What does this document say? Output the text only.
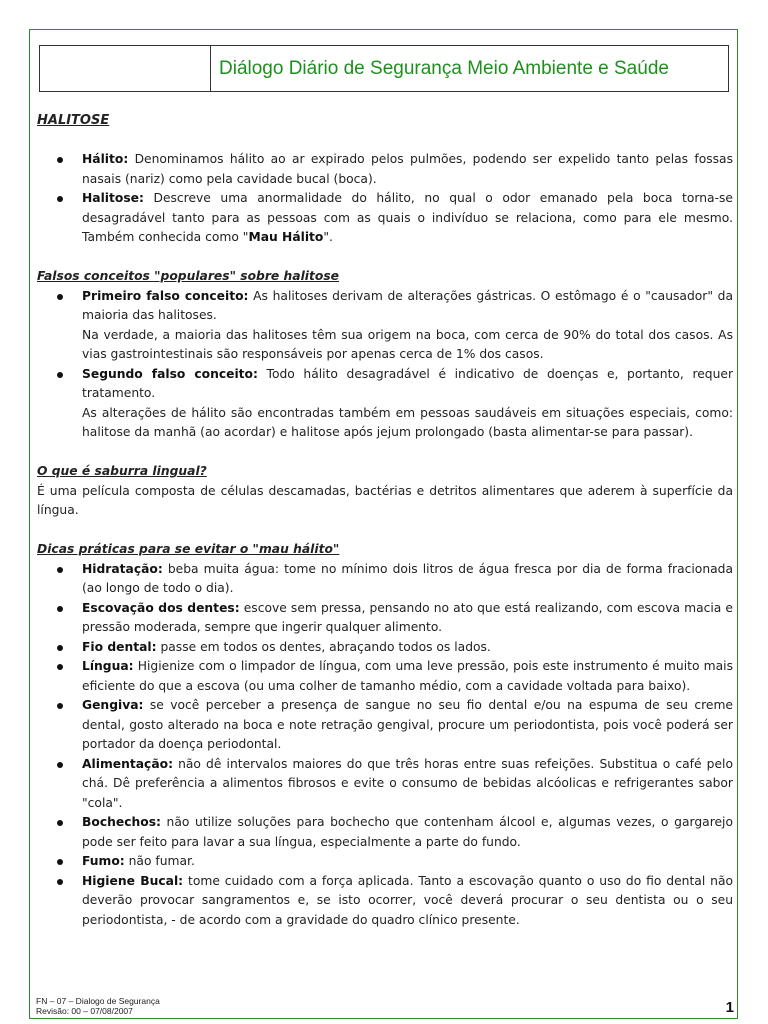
Diálogo Diário de Segurança Meio Ambiente e Saúde
HALITOSE
Hálito: Denominamos hálito ao ar expirado pelos pulmões, podendo ser expelido tanto pelas fossas nasais (nariz) como pela cavidade bucal (boca).
Halitose: Descreve uma anormalidade do hálito, no qual o odor emanado pela boca torna-se desagradável tanto para as pessoas com as quais o indivíduo se relaciona, como para ele mesmo. Também conhecida como "Mau Hálito".
Falsos conceitos "populares" sobre halitose
Primeiro falso conceito: As halitoses derivam de alterações gástricas. O estômago é o "causador" da maioria das halitoses.
Na verdade, a maioria das halitoses têm sua origem na boca, com cerca de 90% do total dos casos. As vias gastrointestinais são responsáveis por apenas cerca de 1% dos casos.
Segundo falso conceito: Todo hálito desagradável é indicativo de doenças e, portanto, requer tratamento.
As alterações de hálito são encontradas também em pessoas saudáveis em situações especiais, como: halitose da manhã (ao acordar) e halitose após jejum prolongado (basta alimentar-se para passar).
O que é saburra lingual?
É uma película composta de células descamadas, bactérias e detritos alimentares que aderem à superfície da língua.
Dicas práticas para se evitar o "mau hálito"
Hidratação: beba muita água: tome no mínimo dois litros de água fresca por dia de forma fracionada (ao longo de todo o dia).
Escovação dos dentes: escove sem pressa, pensando no ato que está realizando, com escova macia e pressão moderada, sempre que ingerir qualquer alimento.
Fio dental: passe em todos os dentes, abraçando todos os lados.
Língua: Higienize com o limpador de língua, com uma leve pressão, pois este instrumento é muito mais eficiente do que a escova (ou uma colher de tamanho médio, com a cavidade voltada para baixo).
Gengiva: se você perceber a presença de sangue no seu fio dental e/ou na espuma de seu creme dental, gosto alterado na boca e note retração gengival, procure um periodontista, pois você poderá ser portador da doença periodontal.
Alimentação: não dê intervalos maiores do que três horas entre suas refeições. Substitua o café pelo chá. Dê preferência a alimentos fibrosos e evite o consumo de bebidas alcóolicas e refrigerantes sabor "cola".
Bochechos: não utilize soluções para bochecho que contenham álcool e, algumas vezes, o gargarejo pode ser feito para lavar a sua língua, especialmente a parte do fundo.
Fumo: não fumar.
Higiene Bucal: tome cuidado com a força aplicada. Tanto a escovação quanto o uso do fio dental não deverão provocar sangramentos e, se isto ocorrer, você deverá procurar o seu dentista ou o seu periodontista, - de acordo com a gravidade do quadro clínico presente.
FN – 07 – Dialogo de Segurança
Revisão: 00 – 07/08/2007	1
